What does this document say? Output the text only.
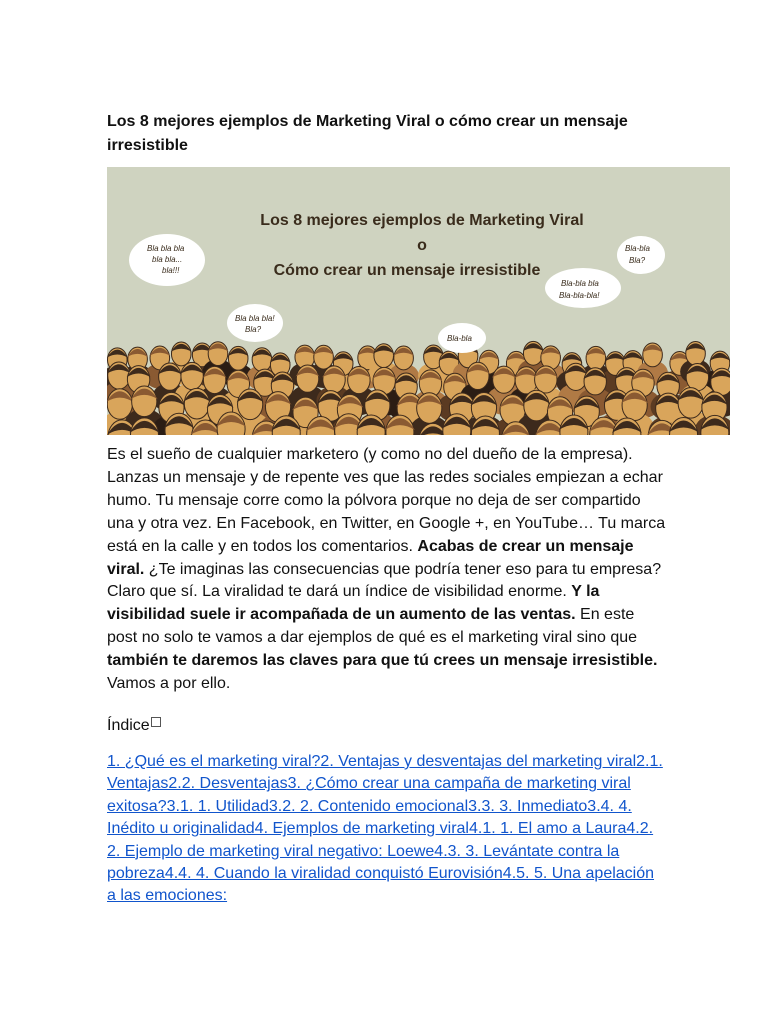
Los 8 mejores ejemplos de Marketing Viral o cómo crear un mensaje irresistible
Los 8 mejores ejemplos de Marketing Viral
o
Cómo crear un mensaje irresistible
Bla bla bla bla bla... bla!!!
Bla bla bla! Bla?
Bla-bla
Bla-bla bla Bla-bla-bla!
Bla-bla Bla?

Es el sueño de cualquier marketero (y como no del dueño de la empresa). Lanzas un mensaje y de repente ves que las redes sociales empiezan a echar humo. Tu mensaje corre como la pólvora porque no deja de ser compartido una y otra vez. En Facebook, en Twitter, en Google +, en YouTube… Tu marca está en la calle y en todos los comentarios. Acabas de crear un mensaje viral. ¿Te imaginas las consecuencias que podría tener eso para tu empresa? Claro que sí. La viralidad te dará un índice de visibilidad enorme. Y la visibilidad suele ir acompañada de un aumento de las ventas. En este post no solo te vamos a dar ejemplos de qué es el marketing viral sino que también te daremos las claves para que tú crees un mensaje irresistible. Vamos a por ello.

Índice
1. ¿Qué es el marketing viral?2. Ventajas y desventajas del marketing viral2.1. Ventajas2.2. Desventajas3. ¿Cómo crear una campaña de marketing viral exitosa?3.1. 1. Utilidad3.2. 2. Contenido emocional3.3. 3. Inmediato3.4. 4. Inédito u originalidad4. Ejemplos de marketing viral4.1. 1. El amo a Laura4.2. 2. Ejemplo de marketing viral negativo: Loewe4.3. 3. Levántate contra la pobreza4.4. 4. Cuando la viralidad conquistó Eurovisión4.5. 5. Una apelación a las emociones:
